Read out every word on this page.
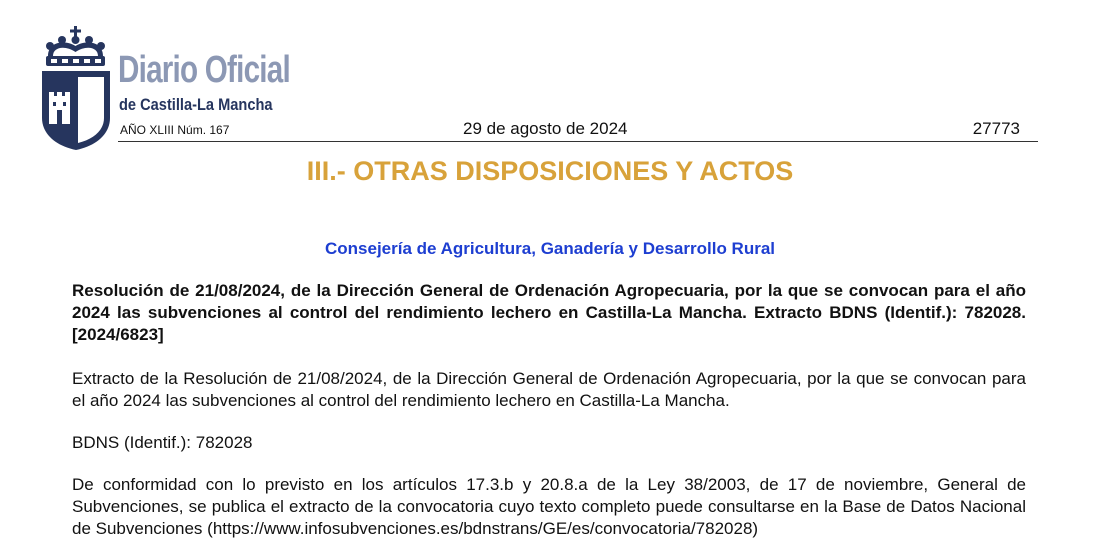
Diario Oficial
de Castilla-La Mancha
AÑO XLIII Núm. 167	29 de agosto de 2024	27773
III.- OTRAS DISPOSICIONES Y ACTOS
Consejería de Agricultura, Ganadería y Desarrollo Rural

Resolución de 21/08/2024, de la Dirección General de Ordenación Agropecuaria, por la que se convocan para el año 2024 las subvenciones al control del rendimiento lechero en Castilla-La Mancha. Extracto BDNS (Identif.): 782028. [2024/6823]

Extracto de la Resolución de 21/08/2024, de la Dirección General de Ordenación Agropecuaria, por la que se convocan para el año 2024 las subvenciones al control del rendimiento lechero en Castilla-La Mancha.

BDNS (Identif.): 782028

De conformidad con lo previsto en los artículos 17.3.b y 20.8.a de la Ley 38/2003, de 17 de noviembre, General de Subvenciones, se publica el extracto de la convocatoria cuyo texto completo puede consultarse en la Base de Datos Nacional de Subvenciones (https://www.infosubvenciones.es/bdnstrans/GE/es/convocatoria/782028)
